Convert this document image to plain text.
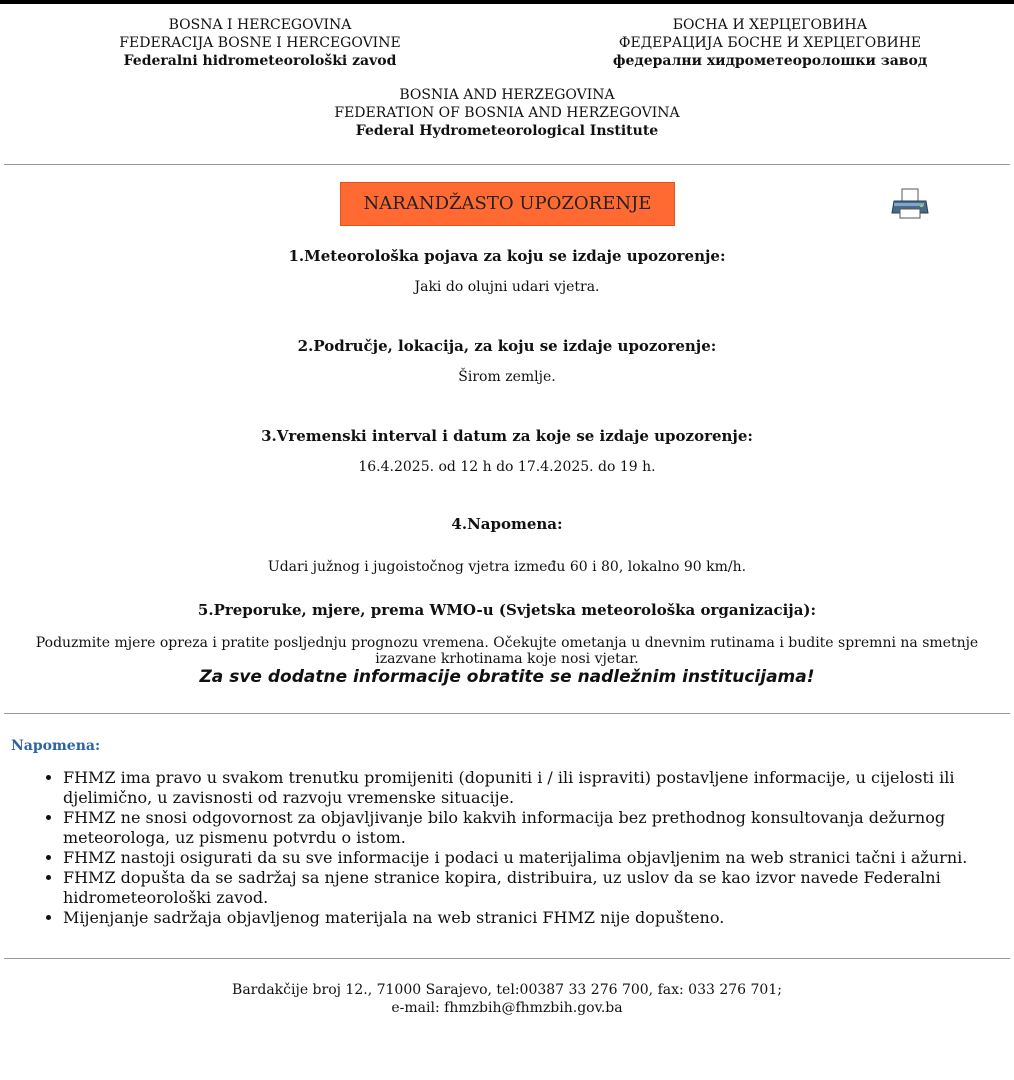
BOSNA I HERCEGOVINA
FEDERACIJA BOSNE I HERCEGOVINE
Federalni hidrometeorološki zavod
БОСНА И ХЕРЦЕГОВИНА
ФЕДЕРАЦИЈА БОСНЕ И ХЕРЦЕГОВИНЕ
федерални хидрометеоролошки завод
BOSNIA AND HERZEGOVINA
FEDERATION OF BOSNIA AND HERZEGOVINA
Federal Hydrometeorological Institute
NARANDŽASTO UPOZORENJE

1.Meteorološka pojava za koju se izdaje upozorenje:

Jaki do olujni udari vjetra.

2.Područje, lokacija, za koju se izdaje upozorenje:

Širom zemlje.

3.Vremenski interval i datum za koje se izdaje upozorenje:

16.4.2025. od 12 h do 17.4.2025. do 19 h.

4.Napomena:

Udari južnog i jugoistočnog vjetra između 60 i 80, lokalno 90 km/h.

5.Preporuke, mjere, prema WMO-u (Svjetska meteorološka organizacija):

Poduzmite mjere opreza i pratite posljednju prognozu vremena. Očekujte ometanja u dnevnim rutinama i budite spremni na smetnje izazvane krhotinama koje nosi vjetar.

Za sve dodatne informacije obratite se nadležnim institucijama!

Napomena:

• FHMZ ima pravo u svakom trenutku promijeniti (dopuniti i / ili ispraviti) postavljene informacije, u cijelosti ili djelimično, u zavisnosti od razvoju vremenske situacije.
• FHMZ ne snosi odgovornost za objavljivanje bilo kakvih informacija bez prethodnog konsultovanja dežurnog meteorologa, uz pismenu potvrdu o istom.
• FHMZ nastoji osigurati da su sve informacije i podaci u materijalima objavljenim na web stranici tačni i ažurni.
• FHMZ dopušta da se sadržaj sa njene stranice kopira, distribuira, uz uslov da se kao izvor navede Federalni hidrometeorološki zavod.
• Mijenjanje sadržaja objavljenog materijala na web stranici FHMZ nije dopušteno.
Bardakčije broj 12., 71000 Sarajevo, tel:00387 33 276 700, fax: 033 276 701;
e-mail: fhmzbih@fhmzbih.gov.ba
